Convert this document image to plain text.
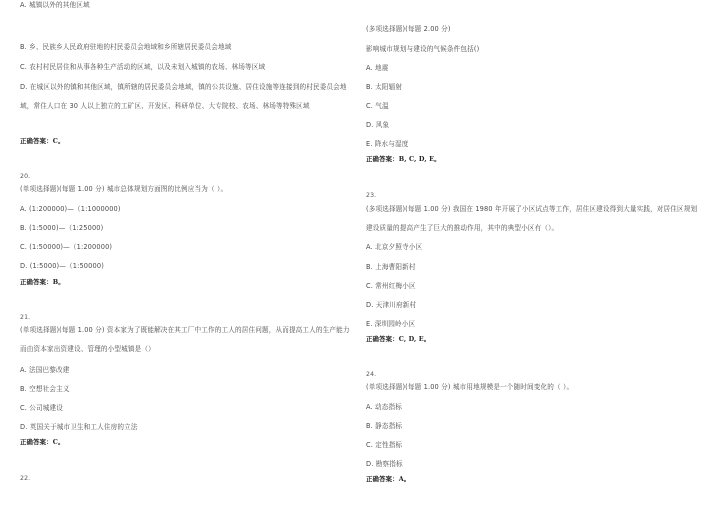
A. 城镇以外的其他区域
B. 乡、民族乡人民政府驻地的村民委员会地域和乡所辖居民委员会地域
C. 农村村民居住和从事各种生产活动的区域，以及未划入城镇的农场、林场等区域
D. 在城区以外的镇和其他区域，镇所辖的居民委员会地域，镇的公共设施、居住设施等连接到的村民委员会地域，常住人口在 30 人以上独立的工矿区、开发区、科研单位、大专院校、农场、林场等特殊区域
正确答案：C。
20.
(单项选择题)(每题 1.00 分) 城市总体规划方面图的比例应当为（ ）。
A. (1:200000)—（1:1000000)
B. (1:5000)—（1:25000)
C. (1:50000)—（1:200000)
D. (1:5000)—（1:50000)
正确答案：B。
21.
(单项选择题)(每题 1.00 分) 资本家为了既能解决在其工厂中工作的工人的居住问题，从而提高工人的生产能力而由资本家出资建设、管理的小型城镇是（）
A. 法国巴黎改建
B. 空想社会主义
C. 公司城建设
D. 英国关于城市卫生和工人住房的立法
正确答案：C。
22.
(多项选择题)(每题 2.00 分)
影响城市规划与建设的气候条件包括()
A. 地震
B. 太阳辐射
C. 气温
D. 风象
E. 降水与湿度
正确答案：B, C, D, E。
23.
(多项选择题)(每题 1.00 分) 我国在 1980 年开展了小区试点等工作，居住区建设得到大量实践，对居住区规划建设质量的提高产生了巨大的推动作用，其中的典型小区有（）。
A. 北京夕照寺小区
B. 上海曹阳新村
C. 常州红梅小区
D. 天津川府新村
E. 深圳园岭小区
正确答案：C, D, E。
24.
(单项选择题)(每题 1.00 分) 城市用地规模是一个随时间变化的（ ）。
A. 动态指标
B. 静态指标
C. 定性指标
D. 勘察指标
正确答案：A。
